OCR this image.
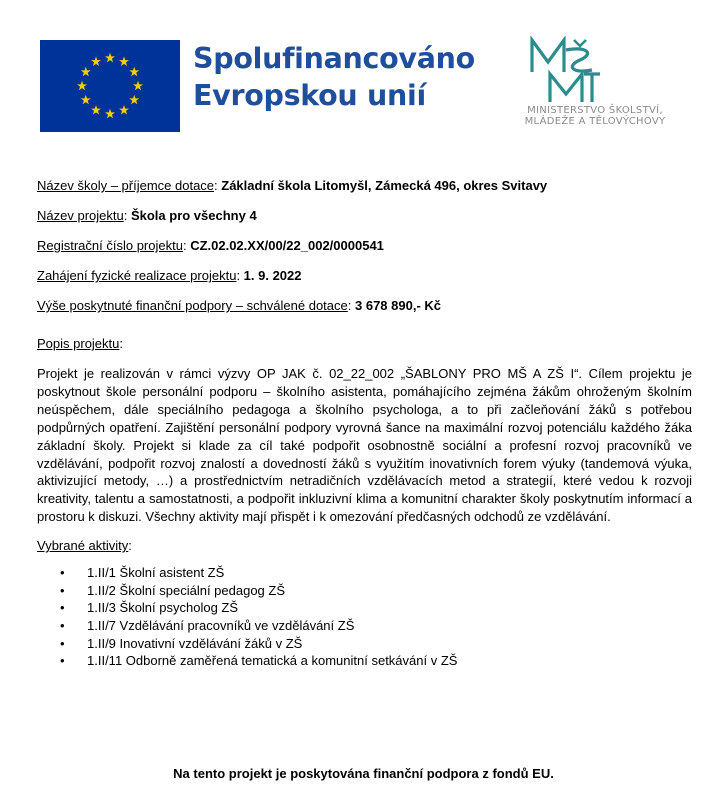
Spolufinancováno
Evropskou unií	MINISTERSTVO ŠKOLSTVÍ,
MLÁDEŽE A TĚLOVÝCHOVY

Název školy – příjemce dotace: Základní škola Litomyšl, Zámecká 496, okres Svitavy

Název projektu: Škola pro všechny 4

Registrační číslo projektu: CZ.02.02.XX/00/22_002/0000541

Zahájení fyzické realizace projektu: 1. 9. 2022

Výše poskytnuté finanční podpory – schválené dotace: 3 678 890,- Kč

Popis projektu:

Projekt je realizován v rámci výzvy OP JAK č. 02_22_002 „ŠABLONY PRO MŠ A ZŠ I“. Cílem projektu je poskytnout škole personální podporu – školního asistenta, pomáhajícího zejména žákům ohroženým školním neúspěchem, dále speciálního pedagoga a školního psychologa, a to při začleňování žáků s potřebou podpůrných opatření. Zajištění personální podpory vyrovná šance na maximální rozvoj potenciálu každého žáka základní školy. Projekt si klade za cíl také podpořit osobnostně sociální a profesní rozvoj pracovníků ve vzdělávání, podpořit rozvoj znalostí a dovedností žáků s využitím inovativních forem výuky (tandemová výuka, aktivizující metody, …) a prostřednictvím netradičních vzdělávacích metod a strategií, které vedou k rozvoji kreativity, talentu a samostatnosti, a podpořit inkluzivní klima a komunitní charakter školy poskytnutím informací a prostoru k diskuzi. Všechny aktivity mají přispět i k omezování předčasných odchodů ze vzdělávání.

Vybrané aktivity:

• 1.II/1 Školní asistent ZŠ
• 1.II/2 Školní speciální pedagog ZŠ
• 1.II/3 Školní psycholog ZŠ
• 1.II/7 Vzdělávání pracovníků ve vzdělávání ZŠ
• 1.II/9 Inovativní vzdělávání žáků v ZŠ
• 1.II/11 Odborně zaměřená tematická a komunitní setkávání v ZŠ
Na tento projekt je poskytována finanční podpora z fondů EU.
